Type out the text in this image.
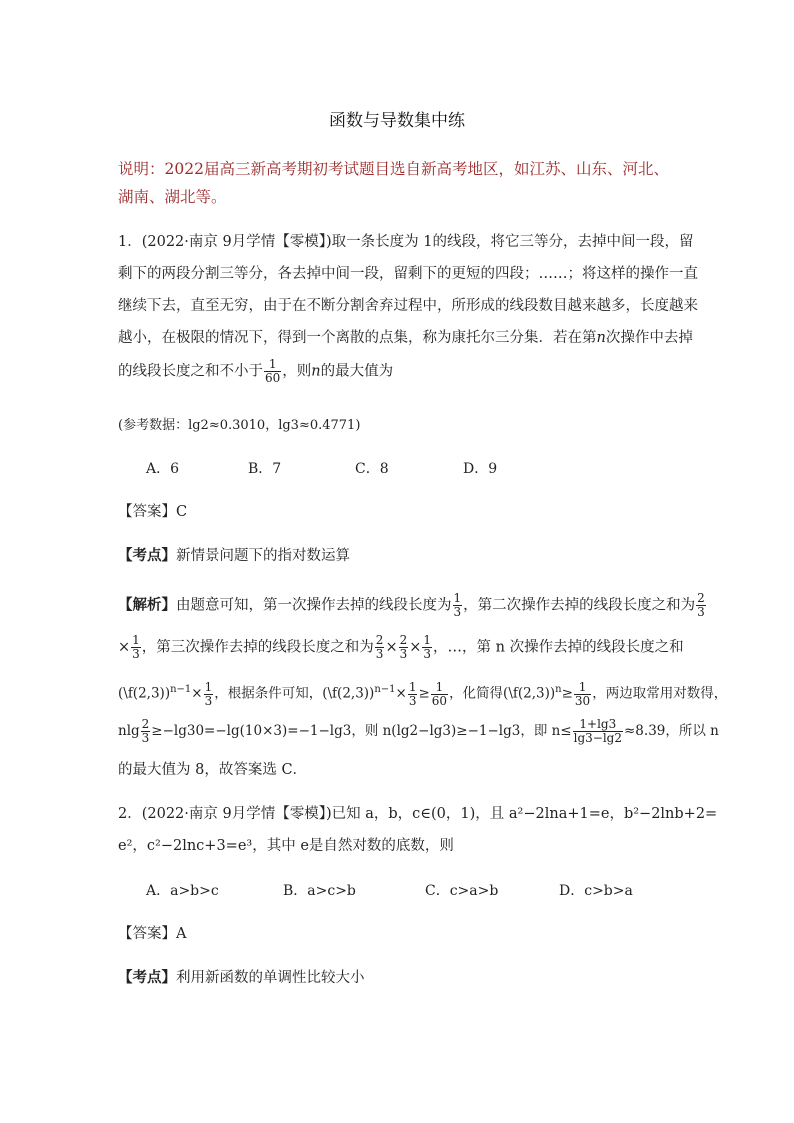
函数与导数集中练
说明：2022届高三新高考期初考试题目选自新高考地区，如江苏、山东、河北、
湖南、湖北等。
1．(2022·南京 9月学情【零模】)取一条长度为 1的线段，将它三等分，去掉中间一段，留
剩下的两段分割三等分，各去掉中间一段，留剩下的更短的四段；……；将这样的操作一直
继续下去，直至无穷，由于在不断分割舍弃过程中，所形成的线段数目越来越多，长度越来
越小，在极限的情况下，得到一个离散的点集，称为康托尔三分集．若在第n次操作中去掉
的线段长度之和不小于 $\frac{1}{60}$ ，则n的最大值为
(参考数据：lg2≈0.3010，lg3≈0.4771)
A．6	B．7	C．8	D．9
【答案】C
【考点】新情景问题下的指对数运算
【解析】由题意可知，第一次操作去掉的线段长度为 $\frac{1}{3}$ ，第二次操作去掉的线段长度之和为 $\frac{2}{3}$
× $\frac{1}{3}$ ，第三次操作去掉的线段长度之和为 $\frac{2}{3} \times \frac{2}{3} \times \frac{1}{3}$ ，…，第 n 次操作去掉的线段长度之和
(\f(2,3))$^{n-1}$× $\frac{1}{3}$ ，根据条件可知，(\f(2,3))$^{n-1}$× $\frac{1}{3} \ge \frac{1}{60}$ ，化简得(\f(2,3))$^n$≥ $\frac{1}{30}$ ，两边取常用对数得，
nlg $\frac{2}{3} \ge-\lg 30=-\lg(10\times 3)=-1-\lg 3$，则 n(lg2−lg3)≥−1−lg3，即 $n\le \frac{1+\lg 3}{\lg 3-\lg 2} \approx 8.39$，所以 n
的最大值为 8，故答案选 C．
2．(2022·南京 9月学情【零模】)已知 a，b，c∈(0，1)，且 a²−2lna+1=e，b²−2lnb+2=
e²，c²−2lnc+3=e³，其中 e是自然对数的底数，则
A．a>b>c	B．a>c>b	C．c>a>b	D．c>b>a
【答案】A
【考点】利用新函数的单调性比较大小
